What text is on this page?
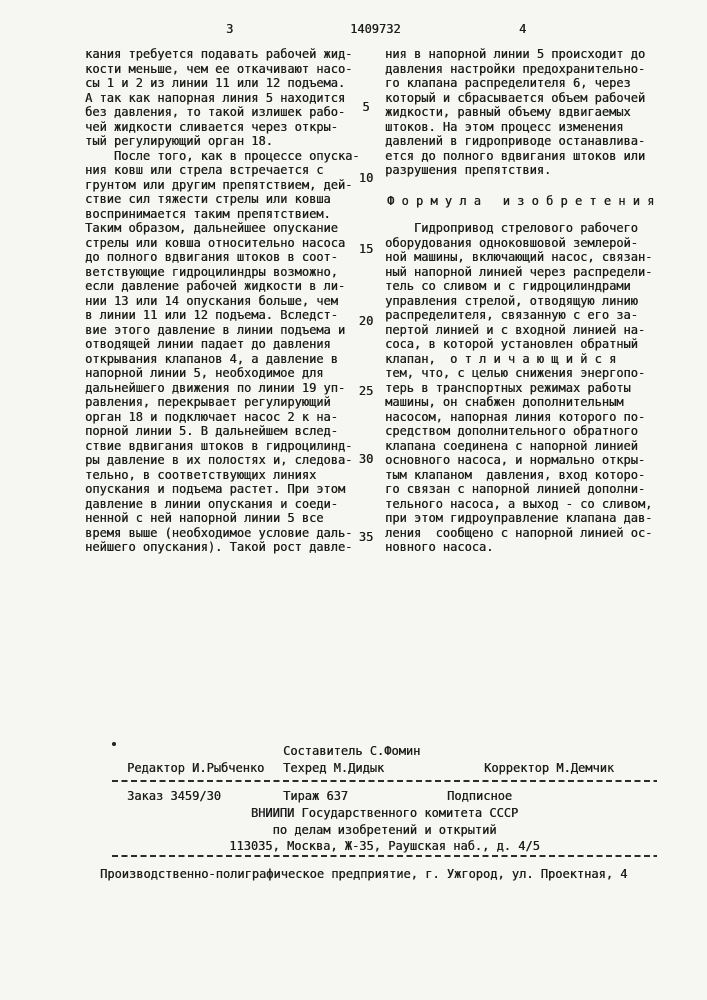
3	1409732	4
кания требуется подавать рабочей жид-
кости меньше, чем ее откачивают насо-
сы 1 и 2 из линии 11 или 12 подъема.
А так как напорная линия 5 находится
без давления, то такой излишек рабо-
чей жидкости сливается через откры-
тый регулирующий орган 18.
После того, как в процессе опуска-
ния ковш или стрела встречается с
грунтом или другим препятствием, дей-
ствие сил тяжести стрелы или ковша
воспринимается таким препятствием.
Таким образом, дальнейшее опускание
стрелы или ковша относительно насоса
до полного вдвигания штоков в соот-
ветствующие гидроцилиндры возможно,
если давление рабочей жидкости в ли-
нии 13 или 14 опускания больше, чем
в линии 11 или 12 подъема. Вследст-
вие этого давление в линии подъема и
отводящей линии падает до давления
открывания клапанов 4, а давление в
напорной линии 5, необходимое для
дальнейшего движения по линии 19 уп-
равления, перекрывает регулирующий
орган 18 и подключает насос 2 к на-
порной линии 5. В дальнейшем вслед-
ствие вдвигания штоков в гидроцилинд-
ры давление в их полостях и, следова-
тельно, в соответствующих линиях
опускания и подъема растет. При этом
давление в линии опускания и соеди-
ненной с ней напорной линии 5 все
время выше (необходимое условие даль-
нейшего опускания). Такой рост давле-
5
10
15
20
25
30
35
ния в напорной линии 5 происходит до
давления настройки предохранительно-
го клапана распределителя 6, через
который и сбрасывается объем рабочей
жидкости, равный объему вдвигаемых
штоков. На этом процесс изменения
давлений в гидроприводе останавлива-
ется до полного вдвигания штоков или
разрушения препятствия.
Ф о р м у л а   и з о б р е т е н и я
Гидропривод стрелового рабочего
оборудования одноковшовой землерой-
ной машины, включающий насос, связан-
ный напорной линией через распредели-
тель со сливом и с гидроцилиндрами
управления стрелой, отводящую линию
распределителя, связанную с его за-
пертой линией и с входной линией на-
соса, в которой установлен обратный
клапан,  о т л и ч а ю щ и й с я
тем, что, с целью снижения энергопо-
терь в транспортных режимах работы
машины, он снабжен дополнительным
насосом, напорная линия которого по-
средством дополнительного обратного
клапана соединена с напорной линией
основного насоса, и нормально откры-
тым клапаном  давления, вход которо-
го связан с напорной линией дополни-
тельного насоса, а выход - со сливом,
при этом гидроуправление клапана дав-
ления  сообщено с напорной линией ос-
новного насоса.
Составитель С.Фомин
Редактор И.Рыбченко Техред М.Дидык	Корректор М.Демчик
Заказ 3459/30	Тираж 637	Подписное
ВНИИПИ Государственного комитета СССР
по делам изобретений и открытий
113035, Москва, Ж-35, Раушская наб., д. 4/5
Производственно-полиграфическое предприятие, г. Ужгород, ул. Проектная, 4
